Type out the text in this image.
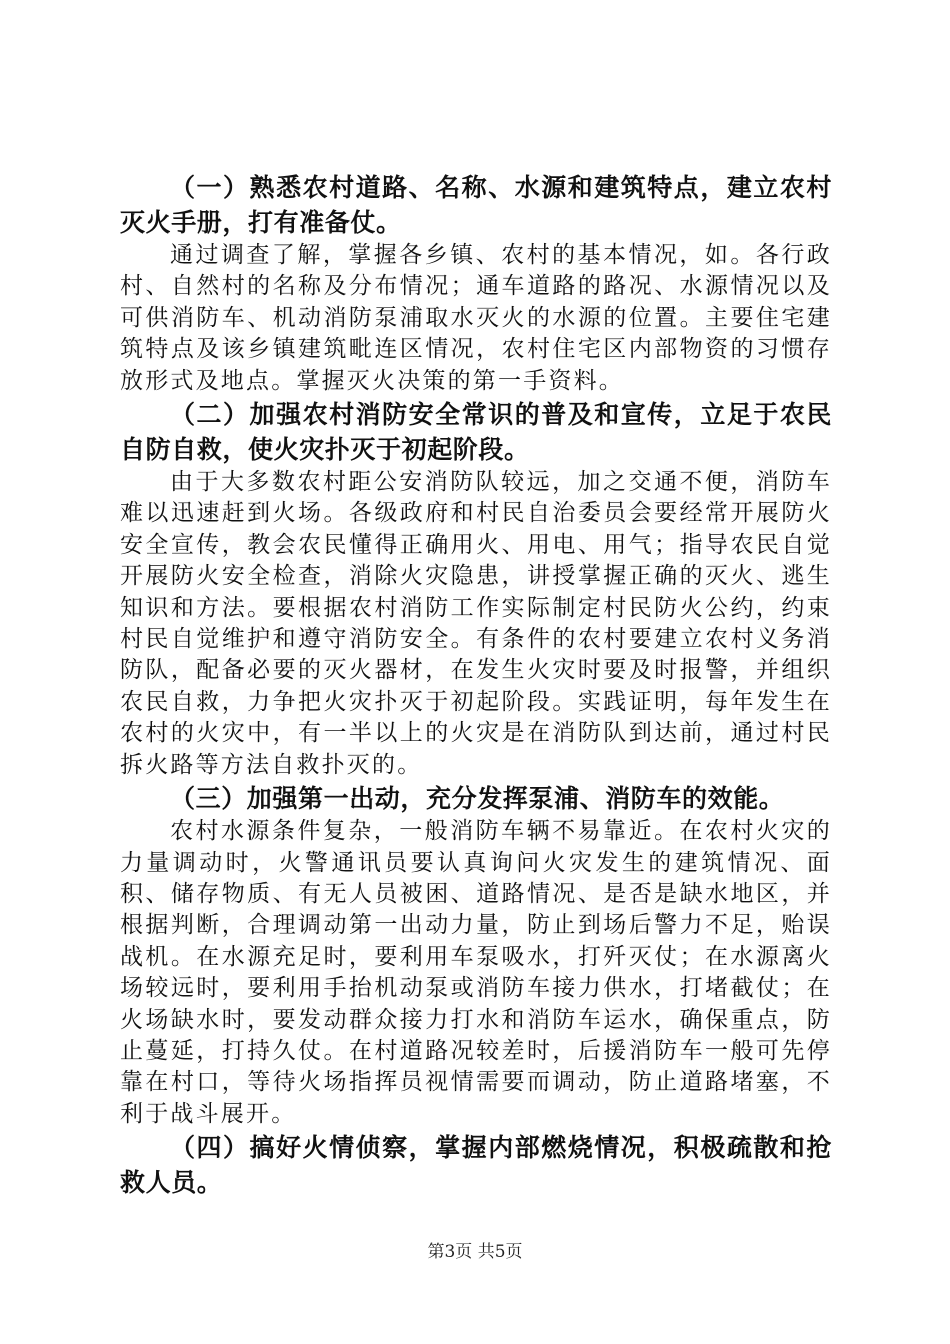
（一）熟悉农村道路、名称、水源和建筑特点，建立农村灭火手册，打有准备仗。

通过调查了解，掌握各乡镇、农村的基本情况，如。各行政村、自然村的名称及分布情况；通车道路的路况、水源情况以及可供消防车、机动消防泵浦取水灭火的水源的位置。主要住宅建筑特点及该乡镇建筑毗连区情况，农村住宅区内部物资的习惯存放形式及地点。掌握灭火决策的第一手资料。

（二）加强农村消防安全常识的普及和宣传，立足于农民自防自救，使火灾扑灭于初起阶段。

由于大多数农村距公安消防队较远，加之交通不便，消防车难以迅速赶到火场。各级政府和村民自治委员会要经常开展防火安全宣传，教会农民懂得正确用火、用电、用气；指导农民自觉开展防火安全检查，消除火灾隐患，讲授掌握正确的灭火、逃生知识和方法。要根据农村消防工作实际制定村民防火公约，约束村民自觉维护和遵守消防安全。有条件的农村要建立农村义务消防队，配备必要的灭火器材，在发生火灾时要及时报警，并组织农民自救，力争把火灾扑灭于初起阶段。实践证明，每年发生在农村的火灾中，有一半以上的火灾是在消防队到达前，通过村民拆火路等方法自救扑灭的。

（三）加强第一出动，充分发挥泵浦、消防车的效能。

农村水源条件复杂，一般消防车辆不易靠近。在农村火灾的力量调动时，火警通讯员要认真询问火灾发生的建筑情况、面积、储存物质、有无人员被困、道路情况、是否是缺水地区，并根据判断，合理调动第一出动力量，防止到场后警力不足，贻误战机。在水源充足时，要利用车泵吸水，打歼灭仗；在水源离火场较远时，要利用手抬机动泵或消防车接力供水，打堵截仗；在火场缺水时，要发动群众接力打水和消防车运水，确保重点，防止蔓延，打持久仗。在村道路况较差时，后援消防车一般可先停靠在村口，等待火场指挥员视情需要而调动，防止道路堵塞，不利于战斗展开。

（四）搞好火情侦察，掌握内部燃烧情况，积极疏散和抢救人员。

第3页 共5页
